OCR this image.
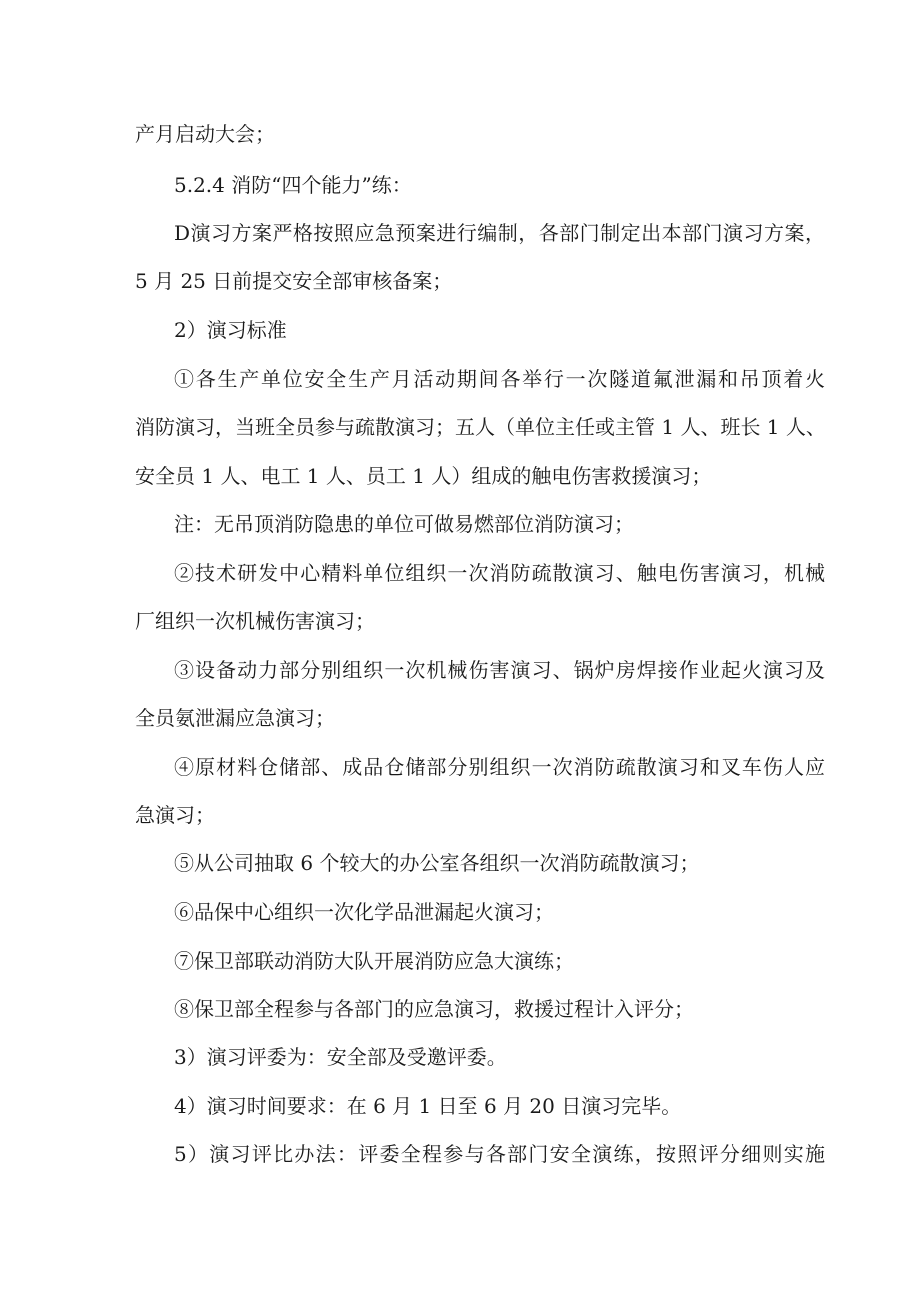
产月启动大会；
5.2.4 消防“四个能力”练：
D演习方案严格按照应急预案进行编制，各部门制定出本部门演习方案，
5 月 25 日前提交安全部审核备案；
2）演习标准
①各生产单位安全生产月活动期间各举行一次隧道氟泄漏和吊顶着火
消防演习，当班全员参与疏散演习；五人（单位主任或主管 1 人、班长 1 人、
安全员 1 人、电工 1 人、员工 1 人）组成的触电伤害救援演习；
注：无吊顶消防隐患的单位可做易燃部位消防演习；
②技术研发中心精料单位组织一次消防疏散演习、触电伤害演习，机械
厂组织一次机械伤害演习；
③设备动力部分别组织一次机械伤害演习、锅炉房焊接作业起火演习及
全员氨泄漏应急演习；
④原材料仓储部、成品仓储部分别组织一次消防疏散演习和叉车伤人应
急演习；
⑤从公司抽取 6 个较大的办公室各组织一次消防疏散演习；
⑥品保中心组织一次化学品泄漏起火演习；
⑦保卫部联动消防大队开展消防应急大演练；
⑧保卫部全程参与各部门的应急演习，救援过程计入评分；
3）演习评委为：安全部及受邀评委。
4）演习时间要求：在 6 月 1 日至 6 月 20 日演习完毕。
5）演习评比办法：评委全程参与各部门安全演练，按照评分细则实施
